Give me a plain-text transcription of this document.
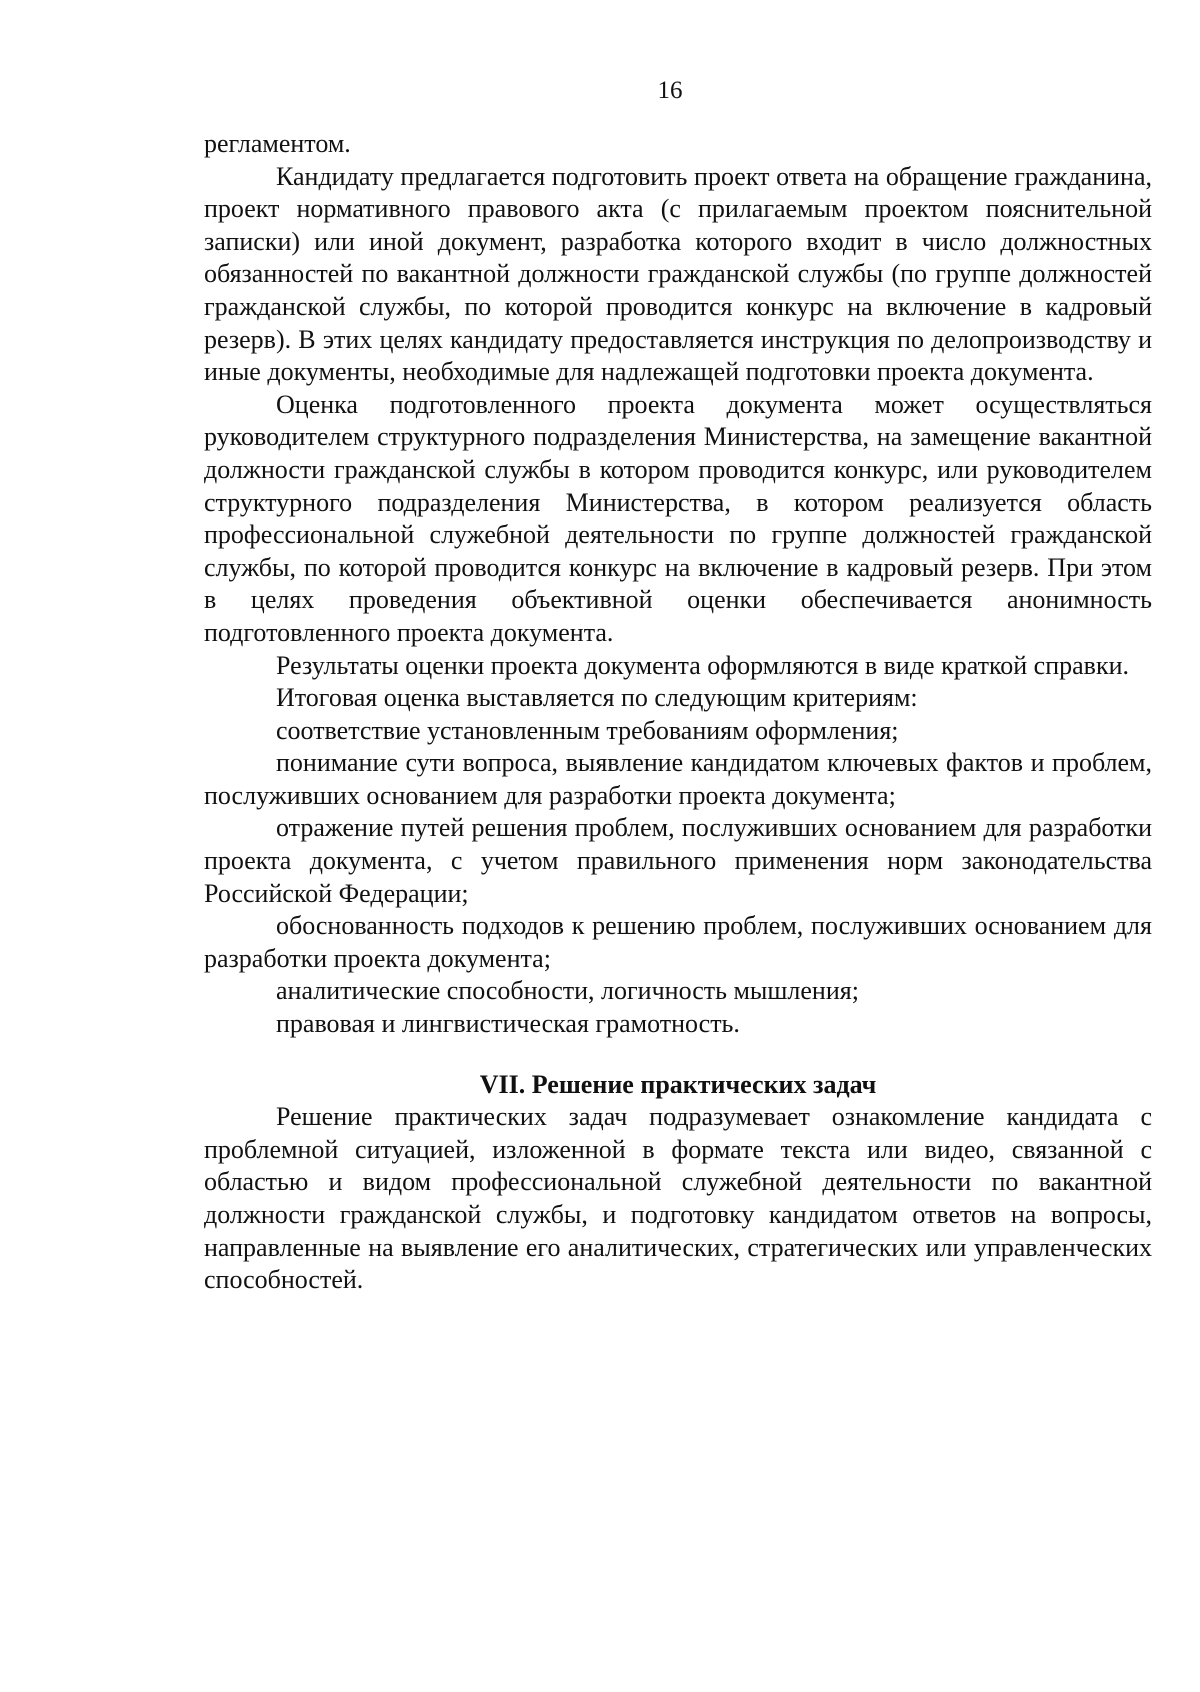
16

регламентом.

Кандидату предлагается подготовить проект ответа на обращение гражданина, проект нормативного правового акта (с прилагаемым проектом пояснительной записки) или иной документ, разработка которого входит в число должностных обязанностей по вакантной должности гражданской службы (по группе должностей гражданской службы, по которой проводится конкурс на включение в кадровый резерв). В этих целях кандидату предоставляется инструкция по делопроизводству и иные документы, необходимые для надлежащей подготовки проекта документа.

Оценка подготовленного проекта документа может осуществляться руководителем структурного подразделения Министерства, на замещение вакантной должности гражданской службы в котором проводится конкурс, или руководителем структурного подразделения Министерства, в котором реализуется область профессиональной служебной деятельности по группе должностей гражданской службы, по которой проводится конкурс на включение в кадровый резерв. При этом в целях проведения объективной оценки обеспечивается анонимность подготовленного проекта документа.

Результаты оценки проекта документа оформляются в виде краткой справки.

Итоговая оценка выставляется по следующим критериям:

соответствие установленным требованиям оформления;

понимание сути вопроса, выявление кандидатом ключевых фактов и проблем, послуживших основанием для разработки проекта документа;

отражение путей решения проблем, послуживших основанием для разработки проекта документа, с учетом правильного применения норм законодательства Российской Федерации;

обоснованность подходов к решению проблем, послуживших основанием для разработки проекта документа;

аналитические способности, логичность мышления;

правовая и лингвистическая грамотность.

VII. Решение практических задач

Решение практических задач подразумевает ознакомление кандидата с проблемной ситуацией, изложенной в формате текста или видео, связанной с областью и видом профессиональной служебной деятельности по вакантной должности гражданской службы, и подготовку кандидатом ответов на вопросы, направленные на выявление его аналитических, стратегических или управленческих способностей.
